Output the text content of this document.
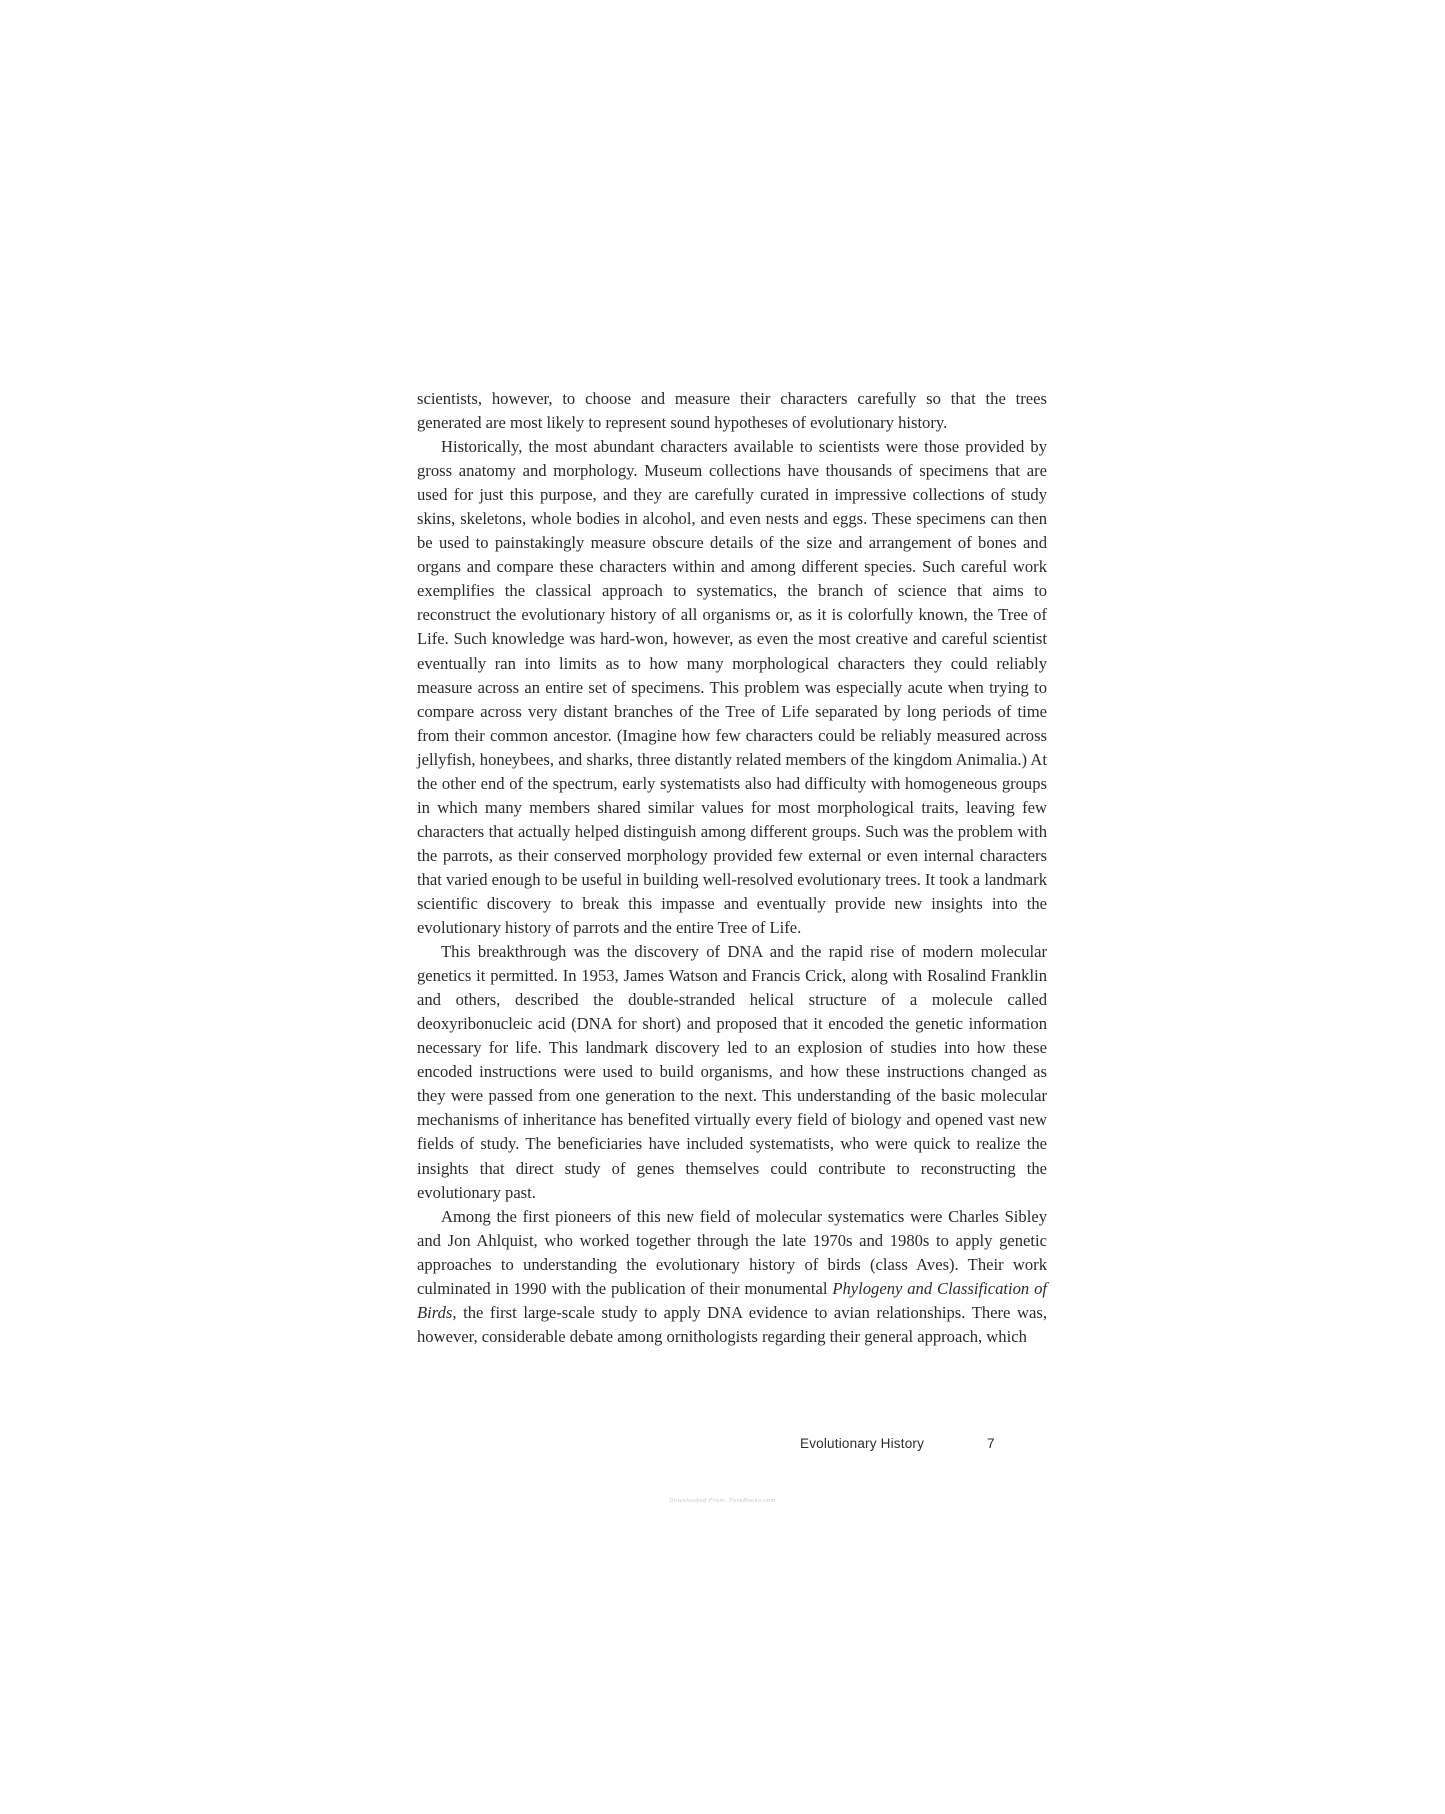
scientists, however, to choose and measure their characters carefully so that the trees generated are most likely to represent sound hypotheses of evolutionary history.

Historically, the most abundant characters available to scientists were those provided by gross anatomy and morphology. Museum collections have thousands of specimens that are used for just this purpose, and they are carefully curated in impressive collections of study skins, skeletons, whole bodies in alcohol, and even nests and eggs. These specimens can then be used to painstakingly measure obscure details of the size and arrangement of bones and organs and compare these characters within and among different species. Such careful work exemplifies the classical approach to systematics, the branch of science that aims to reconstruct the evolutionary history of all organisms or, as it is colorfully known, the Tree of Life. Such knowledge was hard-won, however, as even the most creative and careful scientist eventually ran into limits as to how many morphological characters they could reliably measure across an entire set of specimens. This problem was especially acute when trying to compare across very distant branches of the Tree of Life separated by long periods of time from their common ancestor. (Imagine how few characters could be reliably measured across jellyfish, honeybees, and sharks, three distantly related members of the kingdom Animalia.) At the other end of the spectrum, early systematists also had difficulty with homogeneous groups in which many members shared similar values for most morphological traits, leaving few characters that actually helped distinguish among different groups. Such was the problem with the parrots, as their conserved morphology provided few external or even internal characters that varied enough to be useful in building well-resolved evolutionary trees. It took a landmark scientific discovery to break this impasse and eventually provide new insights into the evolutionary history of parrots and the entire Tree of Life.

This breakthrough was the discovery of DNA and the rapid rise of modern molecular genetics it permitted. In 1953, James Watson and Francis Crick, along with Rosalind Franklin and others, described the double-stranded helical structure of a molecule called deoxyribonucleic acid (DNA for short) and proposed that it encoded the genetic information necessary for life. This landmark discovery led to an explosion of studies into how these encoded instructions were used to build organisms, and how these instructions changed as they were passed from one generation to the next. This understanding of the basic molecular mechanisms of inheritance has benefited virtually every field of biology and opened vast new fields of study. The beneficiaries have included systematists, who were quick to realize the insights that direct study of genes themselves could contribute to reconstructing the evolutionary past.

Among the first pioneers of this new field of molecular systematics were Charles Sibley and Jon Ahlquist, who worked together through the late 1970s and 1980s to apply genetic approaches to understanding the evolutionary history of birds (class Aves). Their work culminated in 1990 with the publication of their monumental Phylogeny and Classification of Birds, the first large-scale study to apply DNA evidence to avian relationships. There was, however, considerable debate among ornithologists regarding their general approach, which

Evolutionary History	7
Downloaded From: ForeBooks.com
